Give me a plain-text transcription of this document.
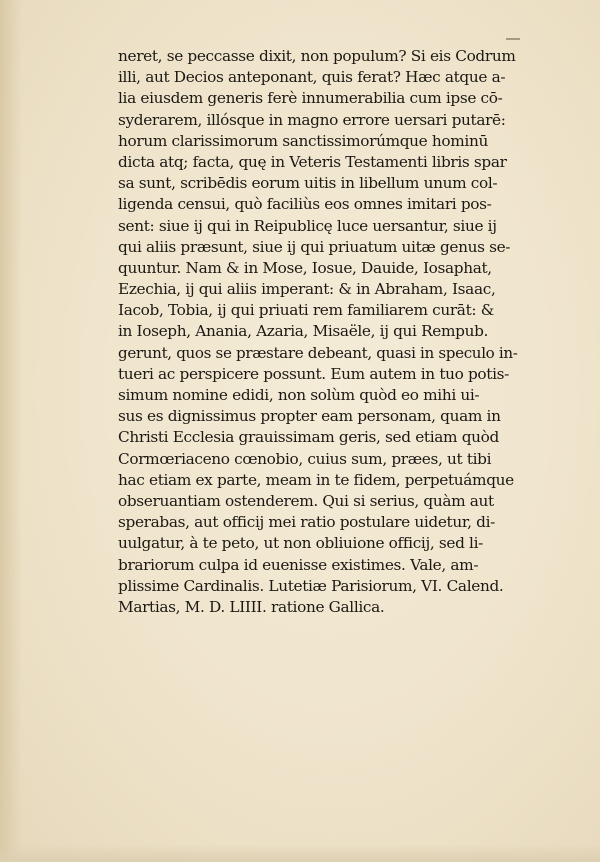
neret, se peccasse dixit, non populum? Si eis Codrum
illi, aut Decios anteponant, quis ferat? Hæc atque a-
lia eiusdem generis ferè innumerabilia cum ipse cō-
syderarem, illósque in magno errore uersari putarē:
horum clarissimorum sanctissimorúmque hominū
dicta atq; facta, quę in Veteris Testamenti libris spar
sa sunt, scribēdis eorum uitis in libellum unum col-
ligenda censui, quò faciliùs eos omnes imitari pos-
sent: siue ij qui in Reipublicę luce uersantur, siue ij
qui aliis præsunt, siue ij qui priuatum uitæ genus se-
quuntur. Nam & in Mose, Iosue, Dauide, Iosaphat,
Ezechia, ij qui aliis imperant: & in Abraham, Isaac,
Iacob, Tobia, ij qui priuati rem familiarem curāt: &
in Ioseph, Anania, Azaria, Misaële, ij qui Rempub.
gerunt, quos se præstare debeant, quasi in speculo in-
tueri ac perspicere possunt. Eum autem in tuo potis-
simum nomine edidi, non solùm quòd eo mihi ui-
sus es dignissimus propter eam personam, quam in
Christi Ecclesia grauissimam geris, sed etiam quòd
Cormœriaceno cœnobio, cuius sum, præes, ut tibi
hac etiam ex parte, meam in te fidem, perpetuámque
obseruantiam ostenderem. Qui si serius, quàm aut
sperabas, aut officij mei ratio postulare uidetur, di-
uulgatur, à te peto, ut non obliuione officij, sed li-
brariorum culpa id euenisse existimes. Vale, am-
plissime Cardinalis. Lutetiæ Parisiorum, VI. Calend.
Martias, M. D. LIIII. ratione Gallica.
